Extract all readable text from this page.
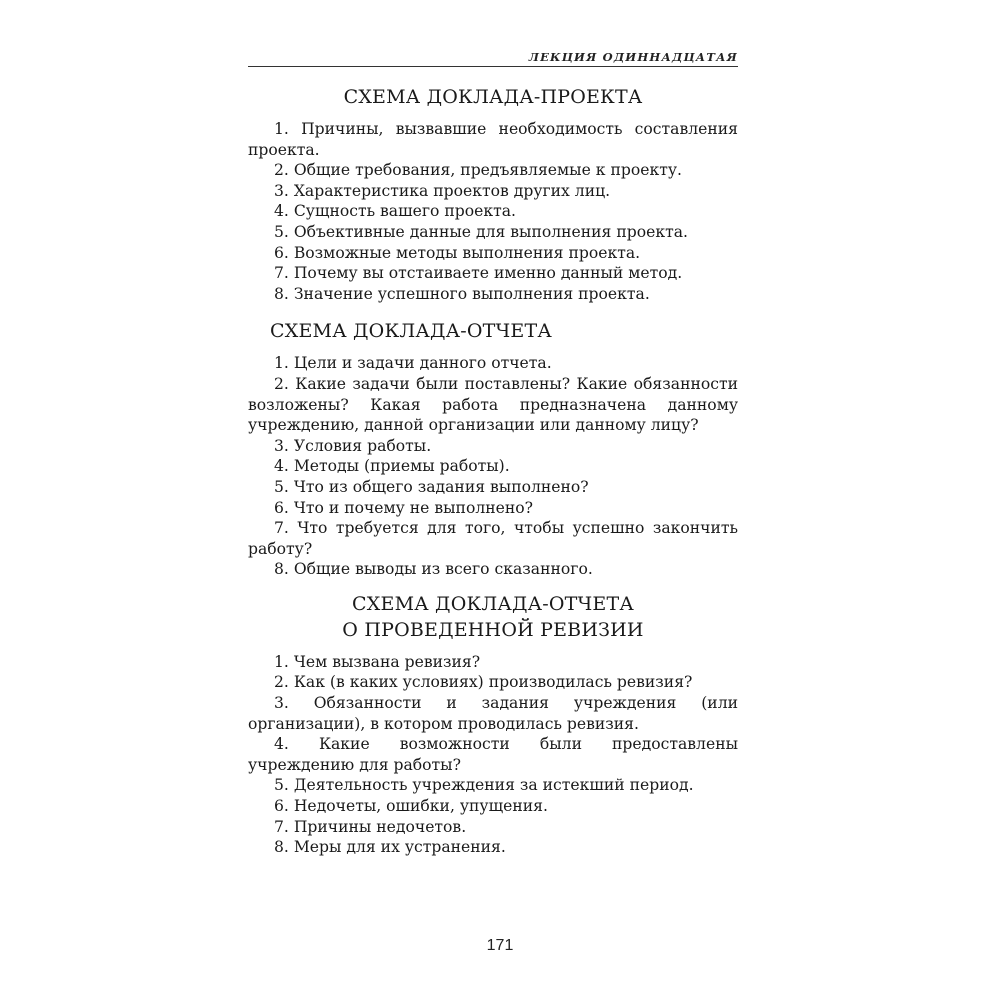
ЛЕКЦИЯ ОДИННАДЦАТАЯ
СХЕМА ДОКЛАДА-ПРОЕКТА
1. Причины, вызвавшие необходимость составления проекта.
2. Общие требования, предъявляемые к проекту.
3. Характеристика проектов других лиц.
4. Сущность вашего проекта.
5. Объективные данные для выполнения проекта.
6. Возможные методы выполнения проекта.
7. Почему вы отстаиваете именно данный метод.
8. Значение успешного выполнения проекта.
СХЕМА ДОКЛАДА-ОТЧЕТА
1. Цели и задачи данного отчета.
2. Какие задачи были поставлены? Какие обязанности возложены? Какая работа предназначена данному учреждению, данной организации или данному лицу?
3. Условия работы.
4. Методы (приемы работы).
5. Что из общего задания выполнено?
6. Что и почему не выполнено?
7. Что требуется для того, чтобы успешно закончить работу?
8. Общие выводы из всего сказанного.
СХЕМА ДОКЛАДА-ОТЧЕТА
О ПРОВЕДЕННОЙ РЕВИЗИИ
1. Чем вызвана ревизия?
2. Как (в каких условиях) производилась ревизия?
3. Обязанности и задания учреждения (или организации), в котором проводилась ревизия.
4. Какие возможности были предоставлены учреждению для работы?
5. Деятельность учреждения за истекший период.
6. Недочеты, ошибки, упущения.
7. Причины недочетов.
8. Меры для их устранения.
171
